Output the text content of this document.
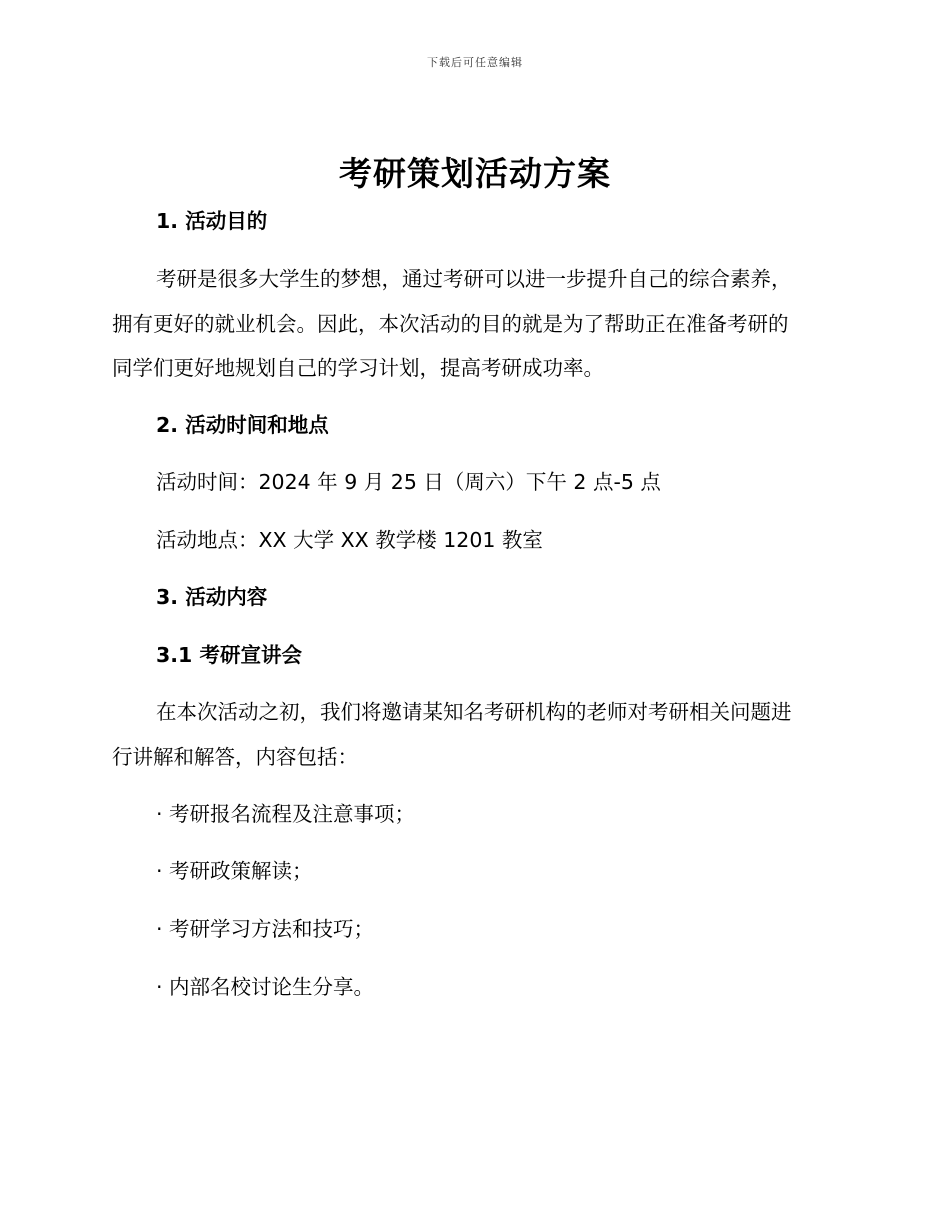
下载后可任意编辑
考研策划活动方案

1. 活动目的

考研是很多大学生的梦想，通过考研可以进一步提升自己的综合素养，

拥有更好的就业机会。因此，本次活动的目的就是为了帮助正在准备考研的

同学们更好地规划自己的学习计划，提高考研成功率。

2. 活动时间和地点

活动时间：2024 年 9 月 25 日（周六）下午 2 点-5 点

活动地点：XX 大学 XX 教学楼 1201 教室

3. 活动内容

3.1 考研宣讲会

在本次活动之初，我们将邀请某知名考研机构的老师对考研相关问题进

行讲解和解答，内容包括：

· 考研报名流程及注意事项；

· 考研政策解读；

· 考研学习方法和技巧；

· 内部名校讨论生分享。
